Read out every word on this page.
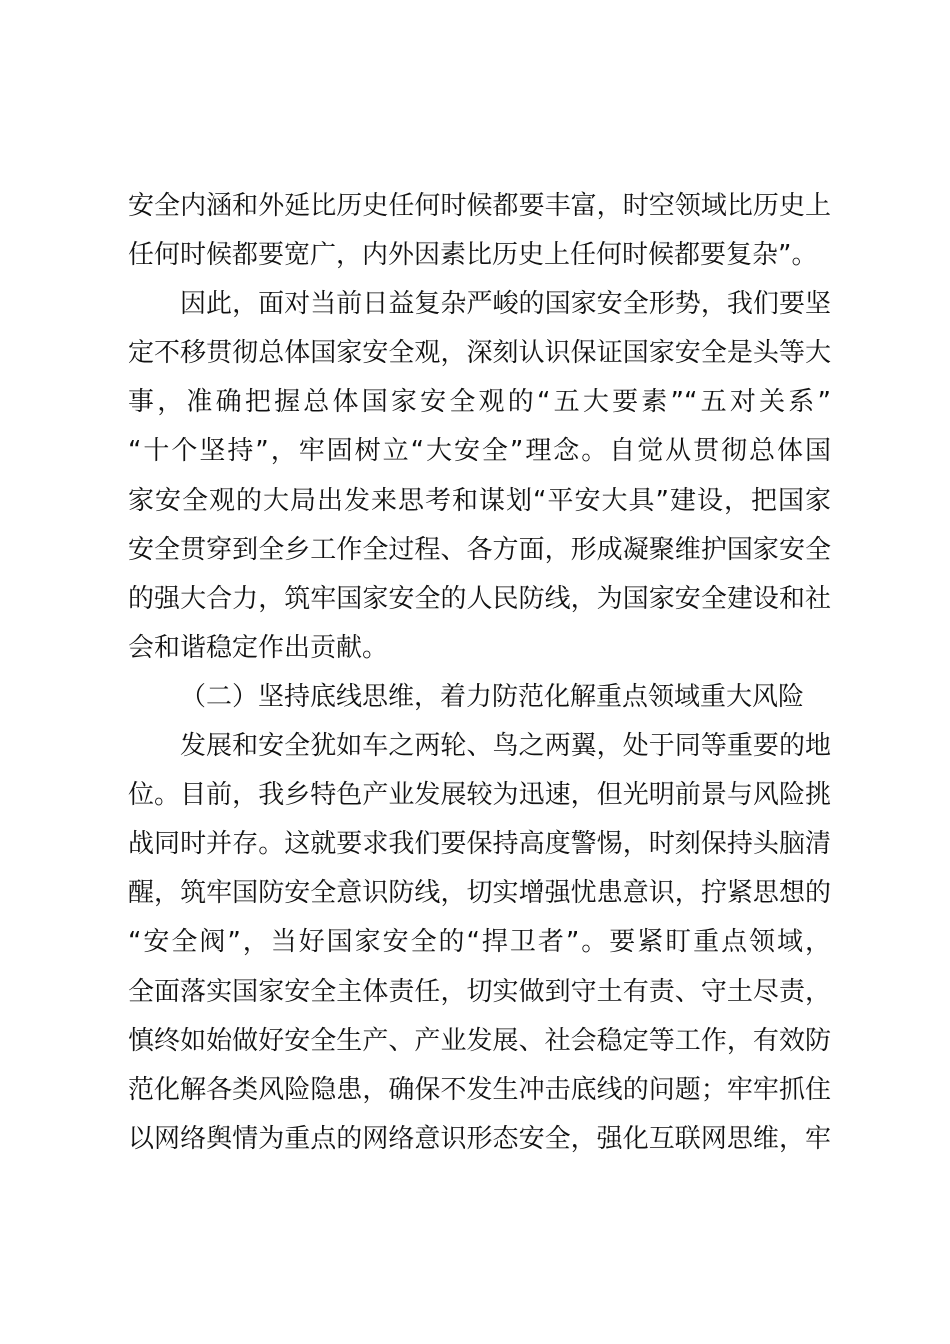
安全内涵和外延比历史任何时候都要丰富，时空领域比历史上
任何时候都要宽广，内外因素比历史上任何时候都要复杂”。
因此，面对当前日益复杂严峻的国家安全形势，我们要坚
定不移贯彻总体国家安全观，深刻认识保证国家安全是头等大
事，准确把握总体国家安全观的“五大要素”“五对关系”
“十个坚持”，牢固树立“大安全”理念。自觉从贯彻总体国
家安全观的大局出发来思考和谋划“平安大具”建设，把国家
安全贯穿到全乡工作全过程、各方面，形成凝聚维护国家安全
的强大合力，筑牢国家安全的人民防线，为国家安全建设和社
会和谐稳定作出贡献。
（二）坚持底线思维，着力防范化解重点领域重大风险
发展和安全犹如车之两轮、鸟之两翼，处于同等重要的地
位。目前，我乡特色产业发展较为迅速，但光明前景与风险挑
战同时并存。这就要求我们要保持高度警惕，时刻保持头脑清
醒，筑牢国防安全意识防线，切实增强忧患意识，拧紧思想的
“安全阀”，当好国家安全的“捍卫者”。要紧盯重点领域，
全面落实国家安全主体责任，切实做到守土有责、守土尽责，
慎终如始做好安全生产、产业发展、社会稳定等工作，有效防
范化解各类风险隐患，确保不发生冲击底线的问题；牢牢抓住
以网络舆情为重点的网络意识形态安全，强化互联网思维，牢
